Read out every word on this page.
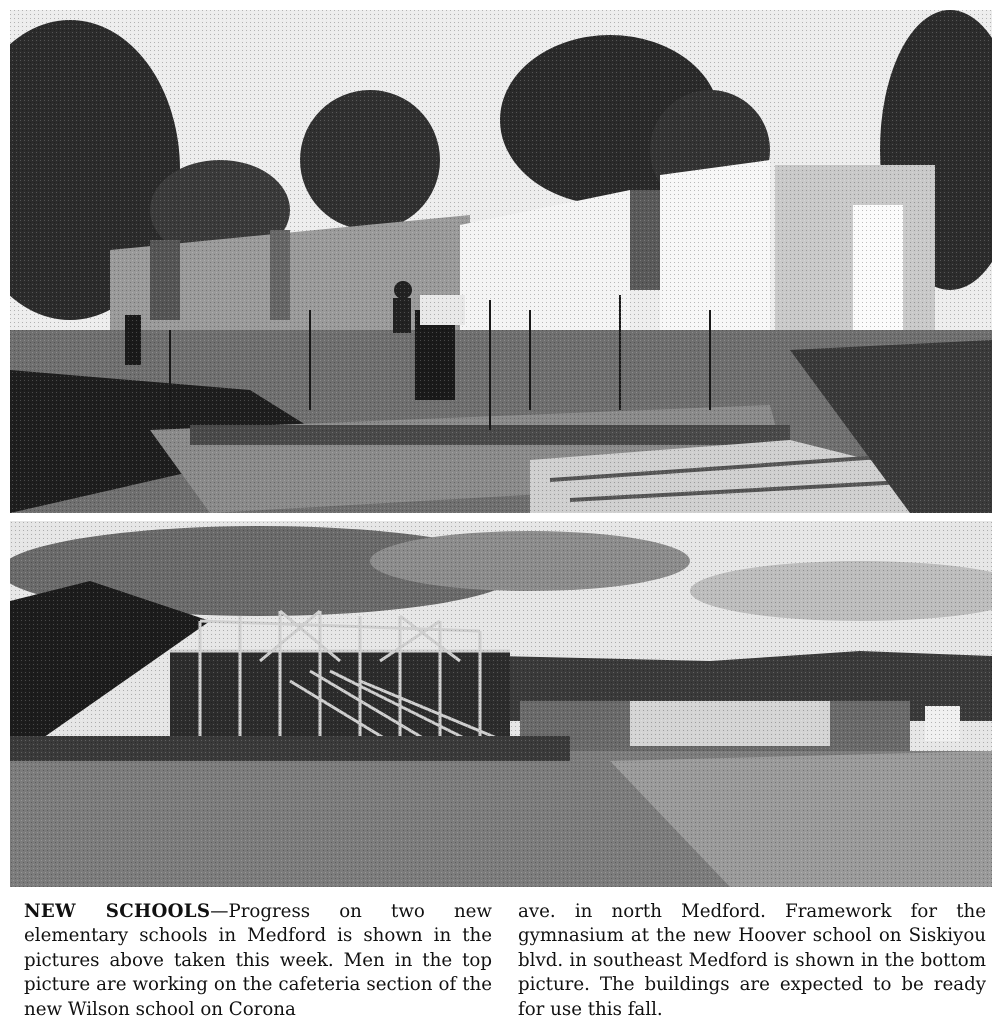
NEW SCHOOLS—Progress on two new elementary schools in Medford is shown in the pictures above taken this week. Men in the top picture are working on the cafeteria section of the new Wilson school on Corona

ave. in north Medford. Framework for the gymnasium at the new Hoover school on Siskiyou blvd. in southeast Medford is shown in the bottom picture. The buildings are expected to be ready for use this fall.
